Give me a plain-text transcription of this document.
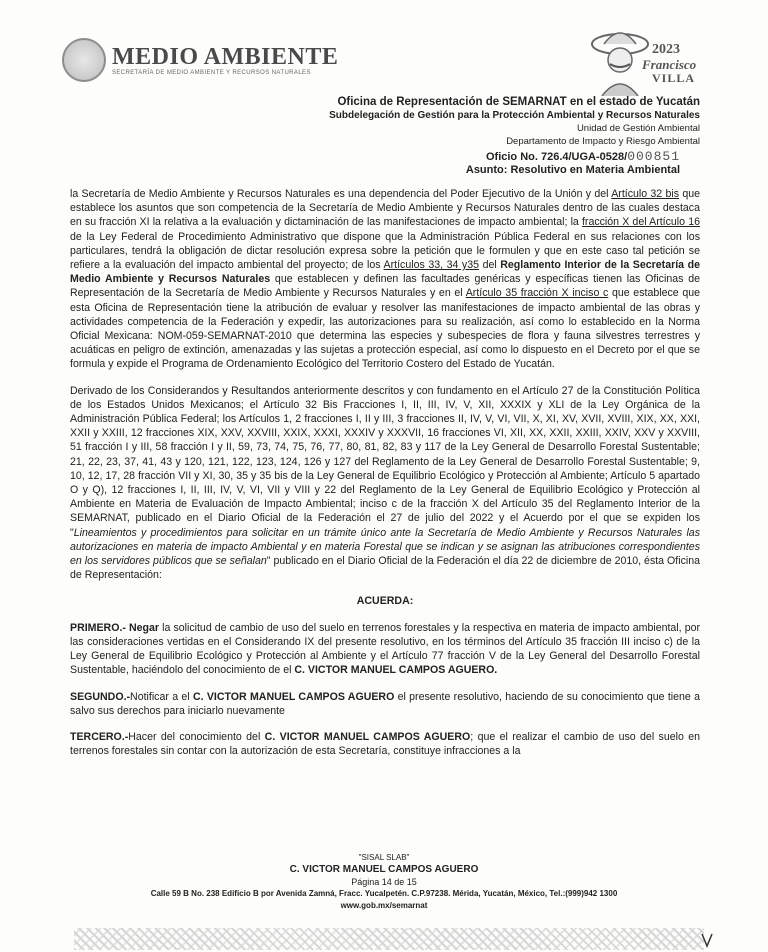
MEDIO AMBIENTE
SECRETARÍA DE MEDIO AMBIENTE Y RECURSOS NATURALES
2023
Francisco
VILLA
Oficina de Representación de SEMARNAT en el estado de Yucatán
Subdelegación de Gestión para la Protección Ambiental y Recursos Naturales
Unidad de Gestión Ambiental
Departamento de Impacto y Riesgo Ambiental
Oficio No. 726.4/UGA-0528/000851
Asunto: Resolutivo en Materia Ambiental

la Secretaría de Medio Ambiente y Recursos Naturales es una dependencia del Poder Ejecutivo de la Unión y del Artículo 32 bis que establece los asuntos que son competencia de la Secretaría de Medio Ambiente y Recursos Naturales dentro de las cuales destaca en su fracción XI la relativa a la evaluación y dictaminación de las manifestaciones de impacto ambiental; la fracción X del Artículo 16 de la Ley Federal de Procedimiento Administrativo que dispone que la Administración Pública Federal en sus relaciones con los particulares, tendrá la obligación de dictar resolución expresa sobre la petición que le formulen y que en este caso tal petición se refiere a la evaluación del impacto ambiental del proyecto; de los Artículos 33, 34 y35 del Reglamento Interior de la Secretaría de Medio Ambiente y Recursos Naturales que establecen y definen las facultades genéricas y específicas tienen las Oficinas de Representación de la Secretaría de Medio Ambiente y Recursos Naturales y en el Artículo 35 fracción X inciso c que establece que esta Oficina de Representación tiene la atribución de evaluar y resolver las manifestaciones de impacto ambiental de las obras y actividades competencia de la Federación y expedir, las autorizaciones para su realización, así como lo establecido en la Norma Oficial Mexicana: NOM-059-SEMARNAT-2010 que determina las especies y subespecies de flora y fauna silvestres terrestres y acuáticas en peligro de extinción, amenazadas y las sujetas a protección especial, así como lo dispuesto en el Decreto por el que se formula y expide el Programa de Ordenamiento Ecológico del Territorio Costero del Estado de Yucatán.

Derivado de los Considerandos y Resultandos anteriormente descritos y con fundamento en el Artículo 27 de la Constitución Política de los Estados Unidos Mexicanos; el Artículo 32 Bis Fracciones I, II, III, IV, V, XII, XXXIX y XLI de la Ley Orgánica de la Administración Pública Federal; los Artículos 1, 2 fracciones I, II y III, 3 fracciones II, IV, V, VI, VII, X, XI, XV, XVII, XVIII, XIX, XX, XXI, XXII y XXIII, 12 fracciones XIX, XXV, XXVIII, XXIX, XXXI, XXXIV y XXXVII, 16 fracciones VI, XII, XX, XXII, XXIII, XXIV, XXV y XXVIII, 51 fracción I y III, 58 fracción I y II, 59, 73, 74, 75, 76, 77, 80, 81, 82, 83 y 117 de la Ley General de Desarrollo Forestal Sustentable; 21, 22, 23, 37, 41, 43 y 120, 121, 122, 123, 124, 126 y 127 del Reglamento de la Ley General de Desarrollo Forestal Sustentable; 9, 10, 12, 17, 28 fracción VII y XI, 30, 35 y 35 bis de la Ley General de Equilibrio Ecológico y Protección al Ambiente; Artículo 5 apartado O y Q), 12 fracciones I, II, III, IV, V, VI, VII y VIII y 22 del Reglamento de la Ley General de Equilibrio Ecológico y Protección al Ambiente en Materia de Evaluación de Impacto Ambiental; inciso c de la fracción X del Artículo 35 del Reglamento Interior de la SEMARNAT, publicado en el Diario Oficial de la Federación el 27 de julio del 2022 y el Acuerdo por el que se expiden los "Lineamientos y procedimientos para solicitar en un trámite único ante la Secretaría de Medio Ambiente y Recursos Naturales las autorizaciones en materia de impacto Ambiental y en materia Forestal que se indican y se asignan las atribuciones correspondientes en los servidores públicos que se señalan" publicado en el Diario Oficial de la Federación el día 22 de diciembre de 2010, ésta Oficina de Representación:

ACUERDA:

PRIMERO.- Negar la solicitud de cambio de uso del suelo en terrenos forestales y la respectiva en materia de impacto ambiental, por las consideraciones vertidas en el Considerando IX del presente resolutivo, en los términos del Artículo 35 fracción III inciso c) de la Ley General de Equilibrio Ecológico y Protección al Ambiente y el Artículo 77 fracción V de la Ley General del Desarrollo Forestal Sustentable, haciéndolo del conocimiento de el C. VICTOR MANUEL CAMPOS AGUERO.

SEGUNDO.-Notificar a el C. VICTOR MANUEL CAMPOS AGUERO el presente resolutivo, haciendo de su conocimiento que tiene a salvo sus derechos para iniciarlo nuevamente

TERCERO.-Hacer del conocimiento del C. VICTOR MANUEL CAMPOS AGUERO; que el realizar el cambio de uso del suelo en terrenos forestales sin contar con la autorización de esta Secretaría, constituye infracciones a la

"SISAL SLAB"
C. VICTOR MANUEL CAMPOS AGUERO
Página 14 de 15
Calle 59 B No. 238 Edificio B por Avenida Zamná, Fracc. Yucalpetén. C.P.97238. Mérida, Yucatán, México, Tel.:(999)942 1300
www.gob.mx/semarnat
